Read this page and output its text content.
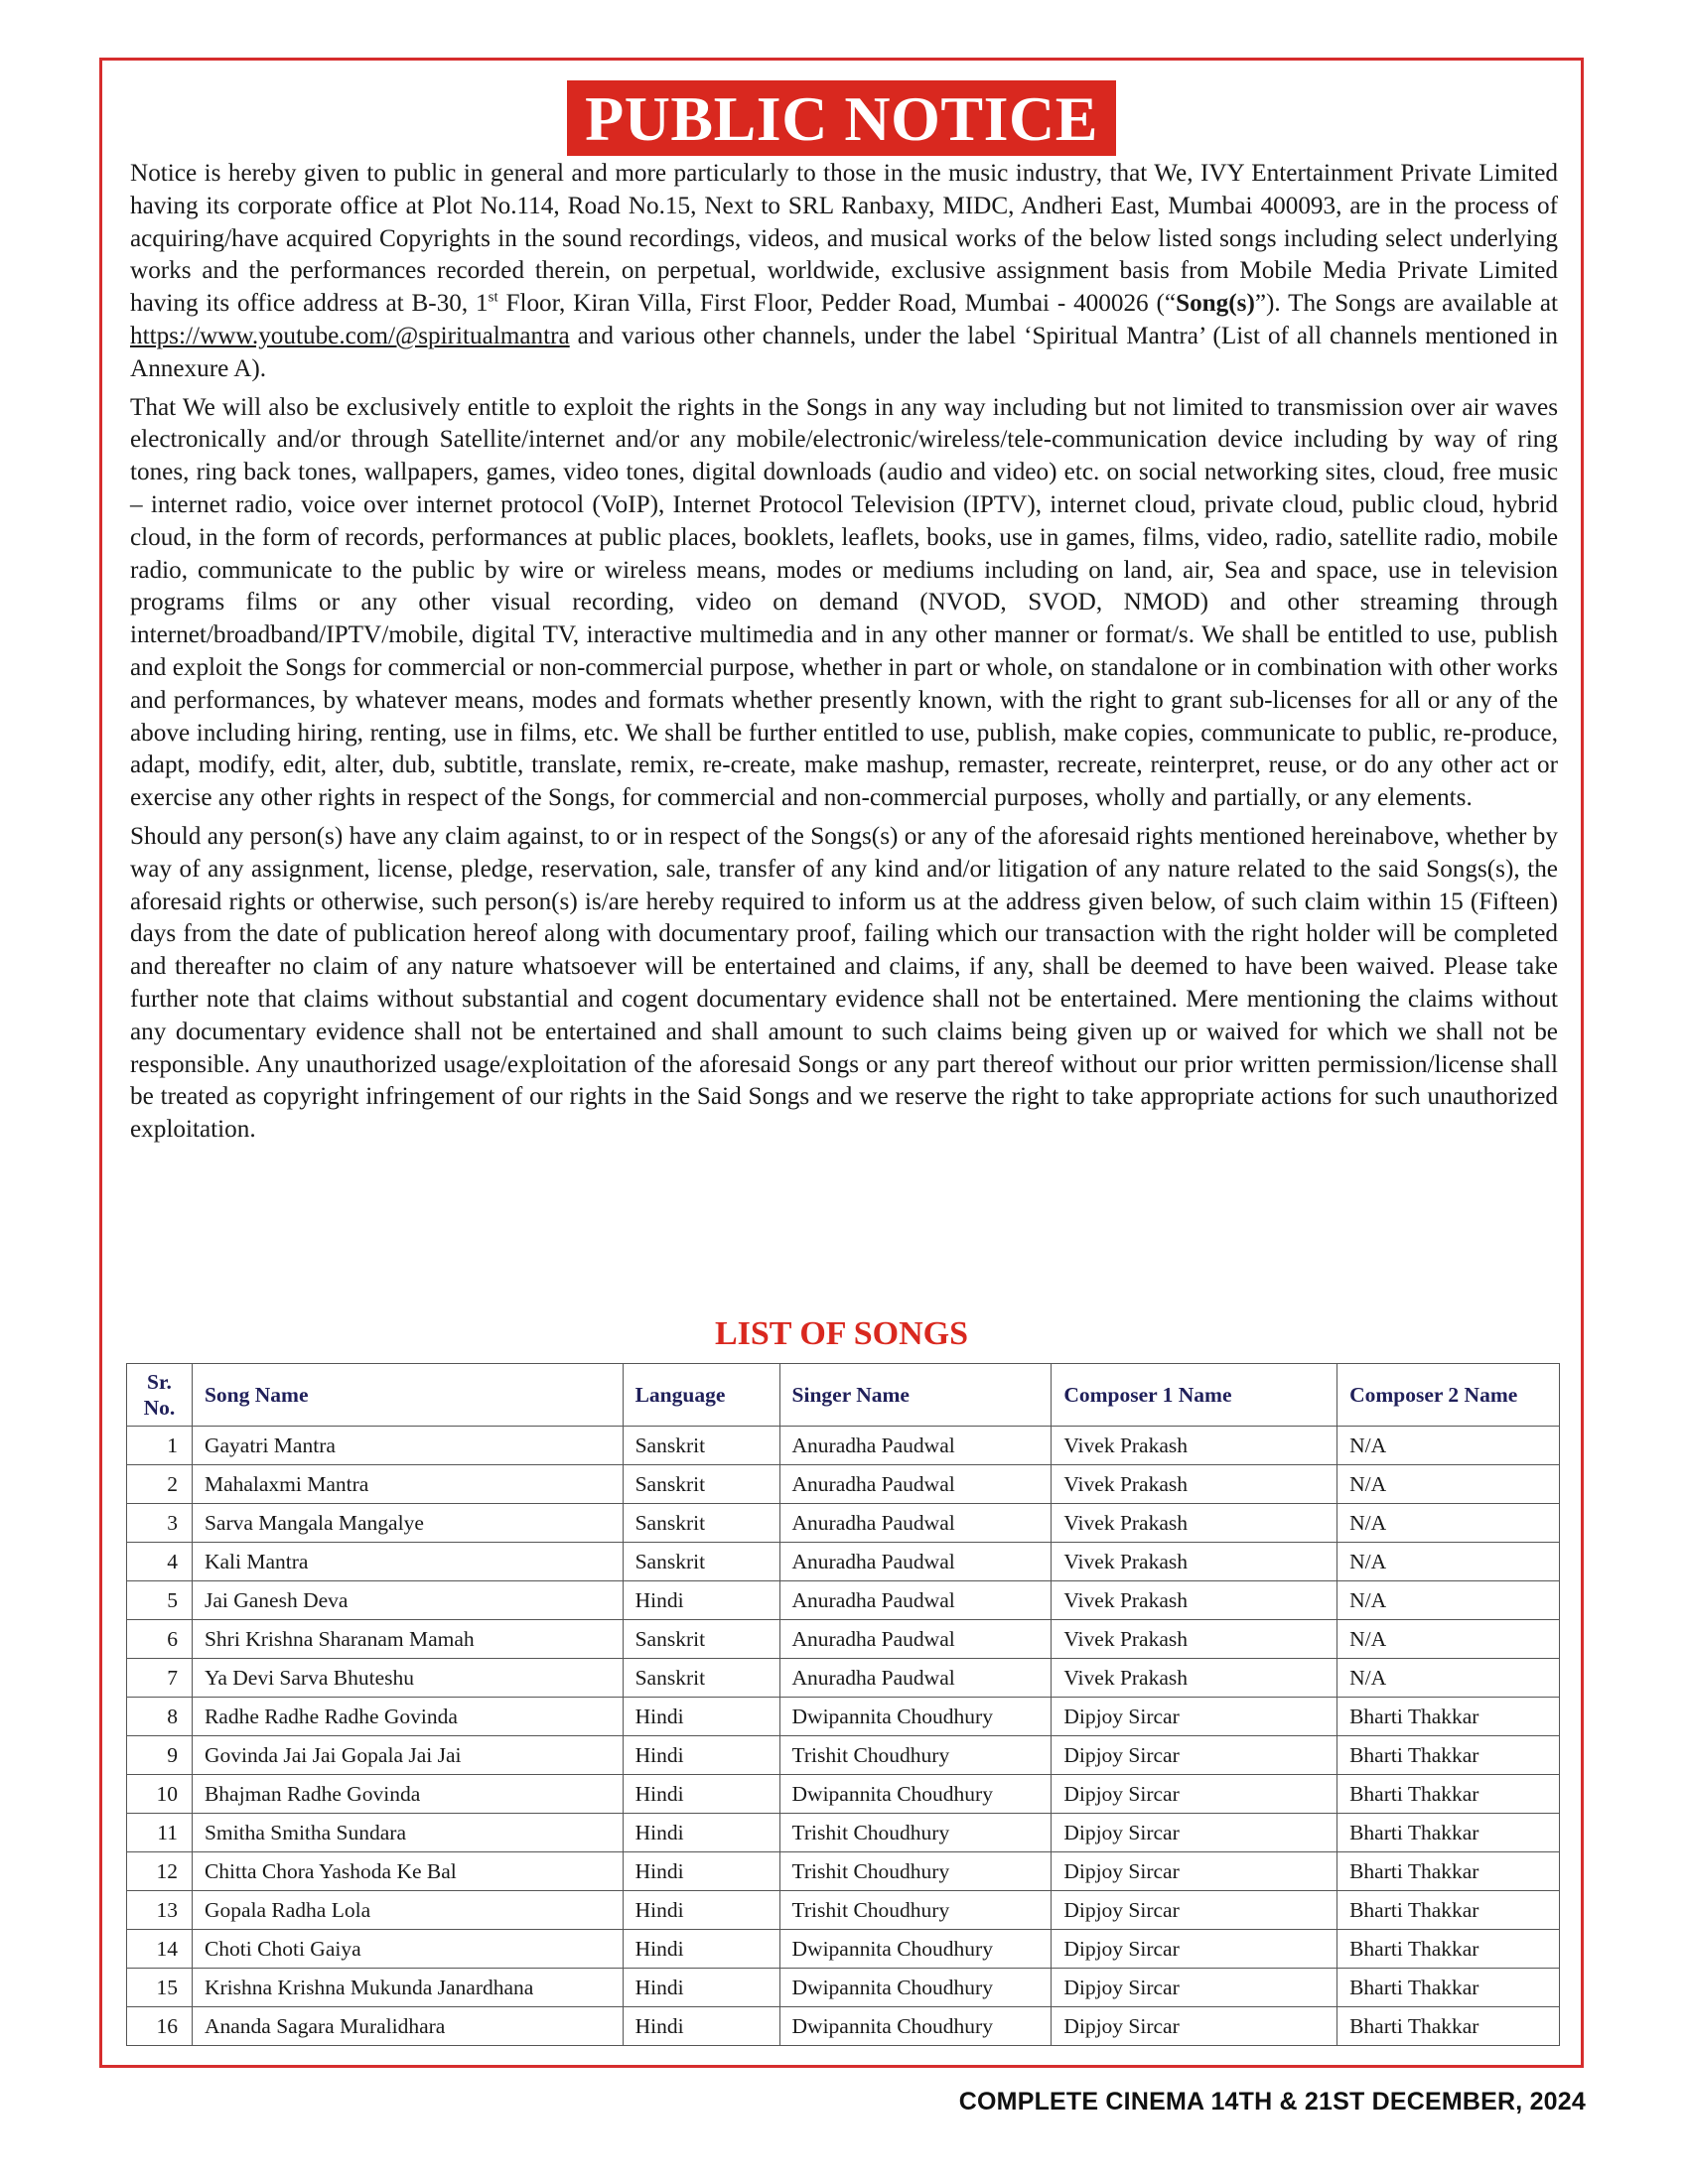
PUBLIC NOTICE

Notice is hereby given to public in general and more particularly to those in the music industry, that We, IVY Entertainment Private Limited having its corporate office at Plot No.114, Road No.15, Next to SRL Ranbaxy, MIDC, Andheri East, Mumbai 400093, are in the process of acquiring/have acquired Copyrights in the sound recordings, videos, and musical works of the below listed songs including select underlying works and the performances recorded therein, on perpetual, worldwide, exclusive assignment basis from Mobile Media Private Limited having its office address at B-30, 1st Floor, Kiran Villa, First Floor, Pedder Road, Mumbai - 400026 (“Song(s)”). The Songs are available at https://www.youtube.com/@spiritualmantra and various other channels, under the label ‘Spiritual Mantra’ (List of all channels mentioned in Annexure A).

That We will also be exclusively entitle to exploit the rights in the Songs in any way including but not limited to transmission over air waves electronically and/or through Satellite/internet and/or any mobile/electronic/wireless/tele-communication device including by way of ring tones, ring back tones, wallpapers, games, video tones, digital downloads (audio and video) etc. on social networking sites, cloud, free music – internet radio, voice over internet protocol (VoIP), Internet Protocol Television (IPTV), internet cloud, private cloud, public cloud, hybrid cloud, in the form of records, performances at public places, booklets, leaflets, books, use in games, films, video, radio, satellite radio, mobile radio, communicate to the public by wire or wireless means, modes or mediums including on land, air, Sea and space, use in television programs films or any other visual recording, video on demand (NVOD, SVOD, NMOD) and other streaming through internet/broadband/IPTV/mobile, digital TV, interactive multimedia and in any other manner or format/s. We shall be entitled to use, publish and exploit the Songs for commercial or non-commercial purpose, whether in part or whole, on standalone or in combination with other works and performances, by whatever means, modes and formats whether presently known, with the right to grant sub-licenses for all or any of the above including hiring, renting, use in films, etc. We shall be further entitled to use, publish, make copies, communicate to public, re-produce, adapt, modify, edit, alter, dub, subtitle, translate, remix, re-create, make mashup, remaster, recreate, reinterpret, reuse, or do any other act or exercise any other rights in respect of the Songs, for commercial and non-commercial purposes, wholly and partially, or any elements.

Should any person(s) have any claim against, to or in respect of the Songs(s) or any of the aforesaid rights mentioned hereinabove, whether by way of any assignment, license, pledge, reservation, sale, transfer of any kind and/or litigation of any nature related to the said Songs(s), the aforesaid rights or otherwise, such person(s) is/are hereby required to inform us at the address given below, of such claim within 15 (Fifteen) days from the date of publication hereof along with documentary proof, failing which our transaction with the right holder will be completed and thereafter no claim of any nature whatsoever will be entertained and claims, if any, shall be deemed to have been waived. Please take further note that claims without substantial and cogent documentary evidence shall not be entertained. Mere mentioning the claims without any documentary evidence shall not be entertained and shall amount to such claims being given up or waived for which we shall not be responsible. Any unauthorized usage/exploitation of the aforesaid Songs or any part thereof without our prior written permission/license shall be treated as copyright infringement of our rights in the Said Songs and we reserve the right to take appropriate actions for such unauthorized exploitation.

LIST OF SONGS
Sr. No.	Song Name	Language	Singer Name	Composer 1 Name	Composer 2 Name
1	Gayatri Mantra	Sanskrit	Anuradha Paudwal	Vivek Prakash	N/A
2	Mahalaxmi Mantra	Sanskrit	Anuradha Paudwal	Vivek Prakash	N/A
3	Sarva Mangala Mangalye	Sanskrit	Anuradha Paudwal	Vivek Prakash	N/A
4	Kali Mantra	Sanskrit	Anuradha Paudwal	Vivek Prakash	N/A
5	Jai Ganesh Deva	Hindi	Anuradha Paudwal	Vivek Prakash	N/A
6	Shri Krishna Sharanam Mamah	Sanskrit	Anuradha Paudwal	Vivek Prakash	N/A
7	Ya Devi Sarva Bhuteshu	Sanskrit	Anuradha Paudwal	Vivek Prakash	N/A
8	Radhe Radhe Radhe Govinda	Hindi	Dwipannita Choudhury	Dipjoy Sircar	Bharti Thakkar
9	Govinda Jai Jai Gopala Jai Jai	Hindi	Trishit Choudhury	Dipjoy Sircar	Bharti Thakkar
10	Bhajman Radhe Govinda	Hindi	Dwipannita Choudhury	Dipjoy Sircar	Bharti Thakkar
11	Smitha Smitha Sundara	Hindi	Trishit Choudhury	Dipjoy Sircar	Bharti Thakkar
12	Chitta Chora Yashoda Ke Bal	Hindi	Trishit Choudhury	Dipjoy Sircar	Bharti Thakkar
13	Gopala Radha Lola	Hindi	Trishit Choudhury	Dipjoy Sircar	Bharti Thakkar
14	Choti Choti Gaiya	Hindi	Dwipannita Choudhury	Dipjoy Sircar	Bharti Thakkar
15	Krishna Krishna Mukunda Janardhana	Hindi	Dwipannita Choudhury	Dipjoy Sircar	Bharti Thakkar
16	Ananda Sagara Muralidhara	Hindi	Dwipannita Choudhury	Dipjoy Sircar	Bharti Thakkar
COMPLETE CINEMA 14TH & 21ST DECEMBER, 2024
